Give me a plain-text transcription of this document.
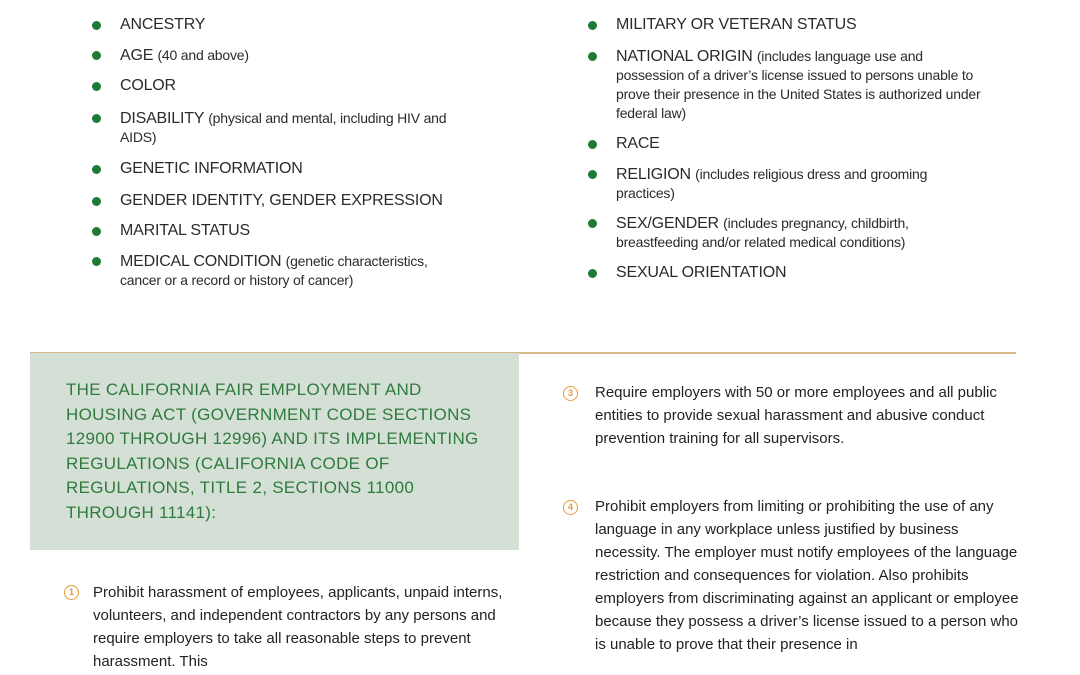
ANCESTRY
AGE (40 and above)
COLOR
DISABILITY (physical and mental, including HIV and AIDS)
GENETIC INFORMATION
GENDER IDENTITY, GENDER EXPRESSION
MARITAL STATUS
MEDICAL CONDITION (genetic characteristics, cancer or a record or history of cancer)
MILITARY OR VETERAN STATUS
NATIONAL ORIGIN (includes language use and possession of a driver’s license issued to persons unable to prove their presence in the United States is authorized under federal law)
RACE
RELIGION (includes religious dress and grooming practices)
SEX/GENDER (includes pregnancy, childbirth, breastfeeding and/or related medical conditions)
SEXUAL ORIENTATION
THE CALIFORNIA FAIR EMPLOYMENT AND HOUSING ACT (GOVERNMENT CODE SECTIONS 12900 THROUGH 12996) AND ITS IMPLEMENTING REGULATIONS (CALIFORNIA CODE OF REGULATIONS, TITLE 2, SECTIONS 11000 THROUGH 11141):
1	Prohibit harassment of employees, applicants, unpaid interns, volunteers, and independent contractors by any persons and require employers to take all reasonable steps to prevent harassment. This
3	Require employers with 50 or more employees and all public entities to provide sexual harassment and abusive conduct prevention training for all supervisors.
4	Prohibit employers from limiting or prohibiting the use of any language in any workplace unless justified by business necessity. The employer must notify employees of the language restriction and consequences for violation. Also prohibits employers from discriminating against an applicant or employee because they possess a driver’s license issued to a person who is unable to prove that their presence in
